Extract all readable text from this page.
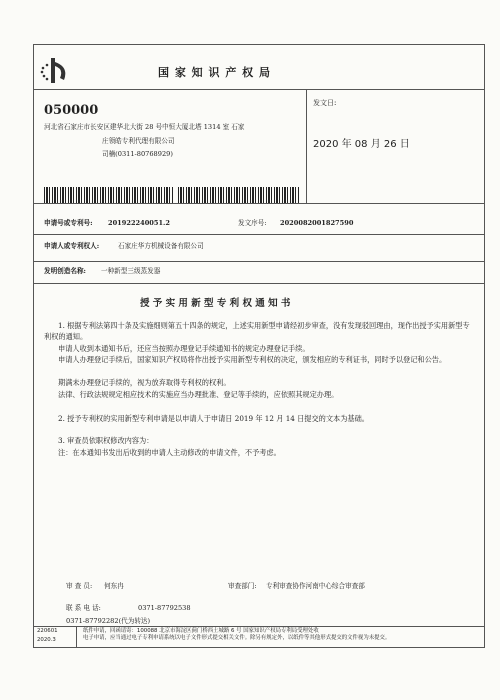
国 家 知 识 产 权 局
050000
河北省石家庄市长安区建华北大街 28 号中恒大厦北塔 1314 室 石家
庄领皓专利代理有限公司
司楠(0311-80768929)
发文日:
2020 年 08 月 26 日
申请号或专利号: 201922240051.2	发文序号: 2020082001827590
申请人或专利权人:	石家庄华方机械设备有限公司
发明创造名称: 一种新型三级蒸发器
授 予 实 用 新 型 专 利 权 通 知 书
1. 根据专利法第四十条及实施细则第五十四条的规定，上述实用新型申请经初步审查，没有发现驳回理由，现作出授予实用新型专利权的通知。
申请人收到本通知书后，还应当按照办理登记手续通知书的规定办理登记手续。
申请人办理登记手续后，国家知识产权局将作出授予实用新型专利权的决定，颁发相应的专利证书，同时予以登记和公告。
期满未办理登记手续的，视为放弃取得专利权的权利。
法律、行政法规规定相应技术的实施应当办理批准、登记等手续的，应依照其规定办理。
2. 授予专利权的实用新型专利申请是以申请人于申请日 2019 年 12 月 14 日提交的文本为基础。
3. 审查员依职权修改内容为：
注：在本通知书发出后收到的申请人主动修改的申请文件，不予考虑。
审 查 员: 何东冉	审查部门: 专利审查协作河南中心综合审查部
联 系 电 话:	0371-87792538
0371-87792282(代为转达)
220601
2020.3
纸件申请，回函请寄：100088 北京市海淀区蓟门桥西土城路 6 号 国家知识产权局专利局受理处收
电子申请，应当通过电子专利申请系统以电子文件形式提交相关文件。除另有规定外，以纸件等其他形式提交的文件视为未提交。
